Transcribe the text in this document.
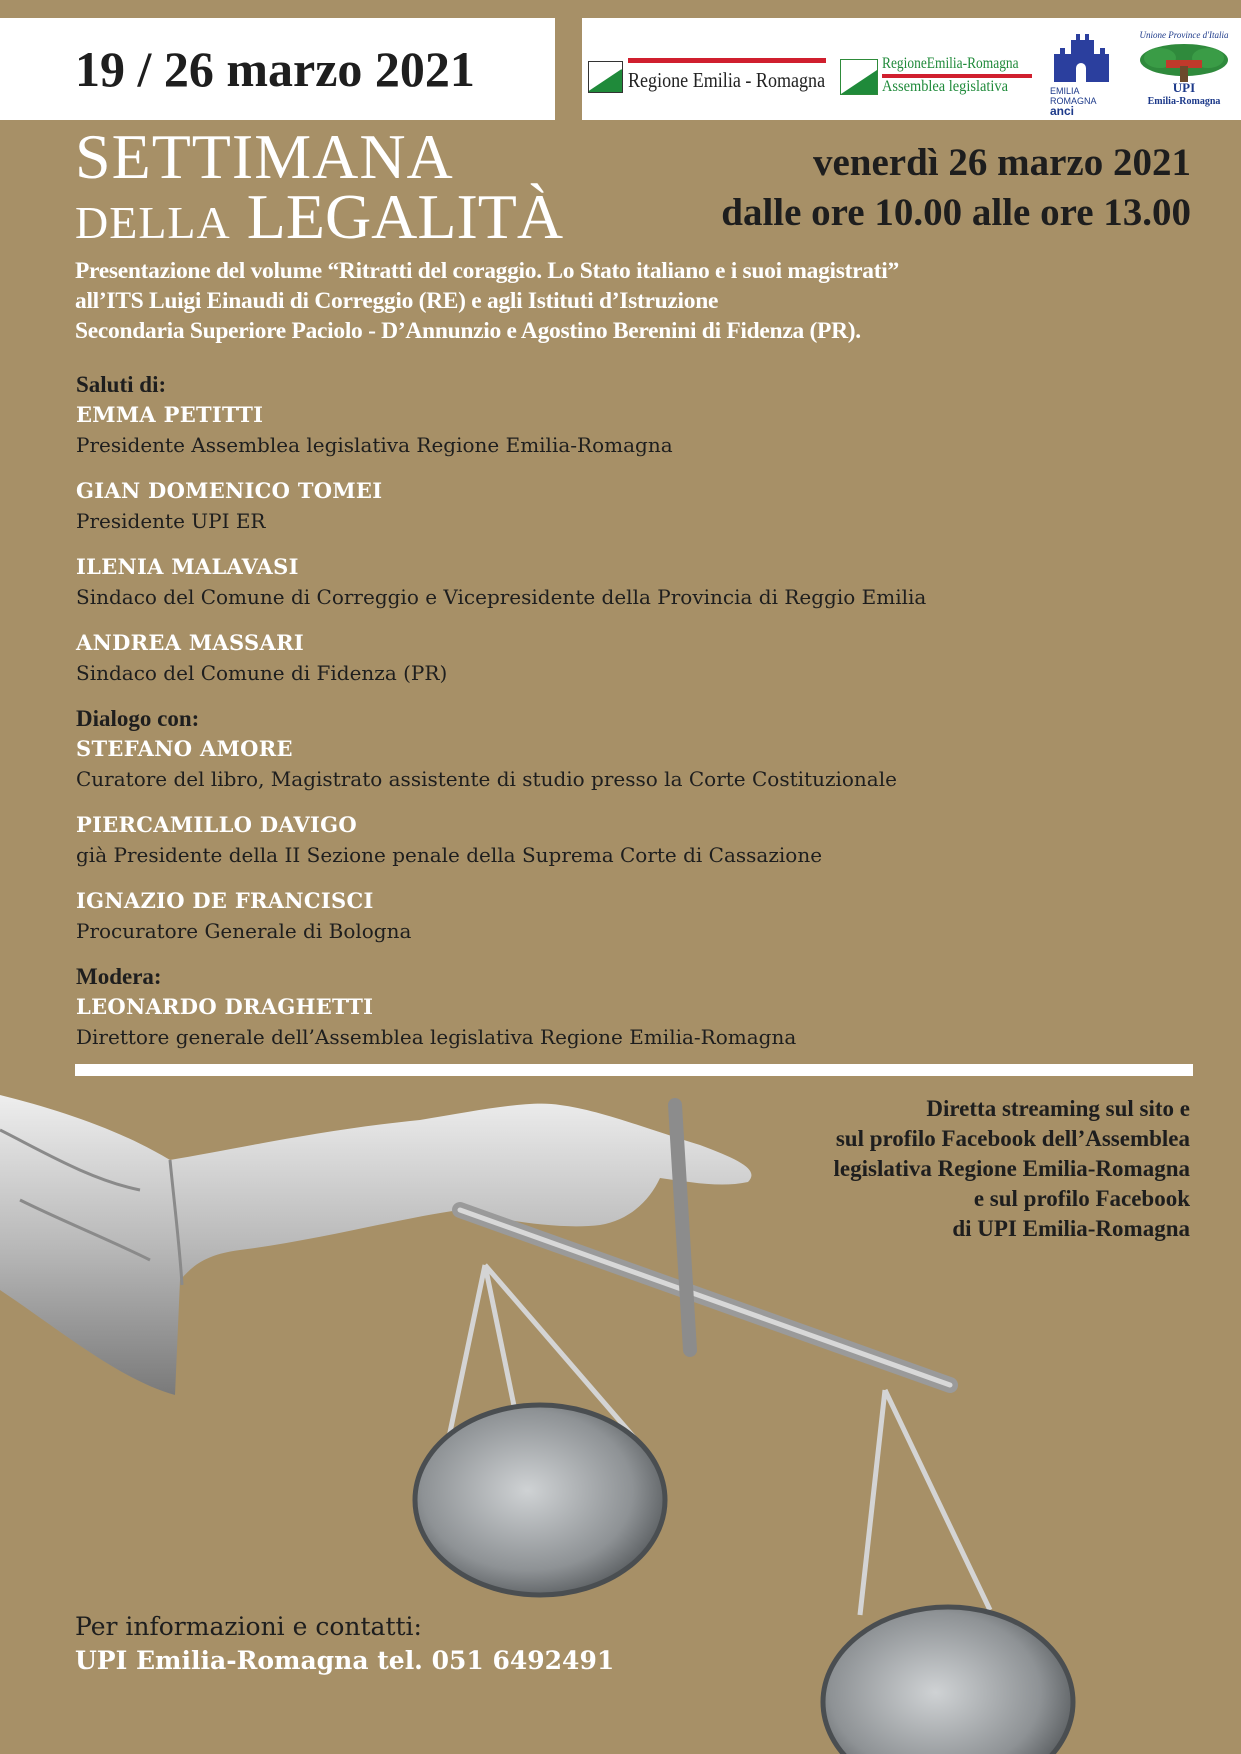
19 / 26 marzo 2021	Regione Emilia - Romagna
RegioneEmilia-Romagna
Assemblea legislativa	EMILIA
ROMAGNA
anci
Unione Province d'Italia
UPI
Emilia-Romagna
SETTIMANA
DELLA LEGALITÀ
venerdì 26 marzo 2021
dalle ore 10.00 alle ore 13.00
Presentazione del volume “Ritratti del coraggio. Lo Stato italiano e i suoi magistrati”
all’ITS Luigi Einaudi di Correggio (RE) e agli Istituti d’Istruzione
Secondaria Superiore Paciolo - D’Annunzio e Agostino Berenini di Fidenza (PR).
Saluti di:
EMMA PETITTI
Presidente Assemblea legislativa Regione Emilia-Romagna
GIAN DOMENICO TOMEI
Presidente UPI ER
ILENIA MALAVASI
Sindaco del Comune di Correggio e Vicepresidente della Provincia di Reggio Emilia
ANDREA MASSARI
Sindaco del Comune di Fidenza (PR)
Dialogo con:
STEFANO AMORE
Curatore del libro, Magistrato assistente di studio presso la Corte Costituzionale
PIERCAMILLO DAVIGO
già Presidente della II Sezione penale della Suprema Corte di Cassazione
IGNAZIO DE FRANCISCI
Procuratore Generale di Bologna
Modera:
LEONARDO DRAGHETTI
Direttore generale dell’Assemblea legislativa Regione Emilia-Romagna
Diretta streaming sul sito e
sul profilo Facebook dell’Assemblea
legislativa Regione Emilia-Romagna
e sul profilo Facebook
di UPI Emilia-Romagna
Per informazioni e contatti:
UPI Emilia-Romagna tel. 051 6492491
